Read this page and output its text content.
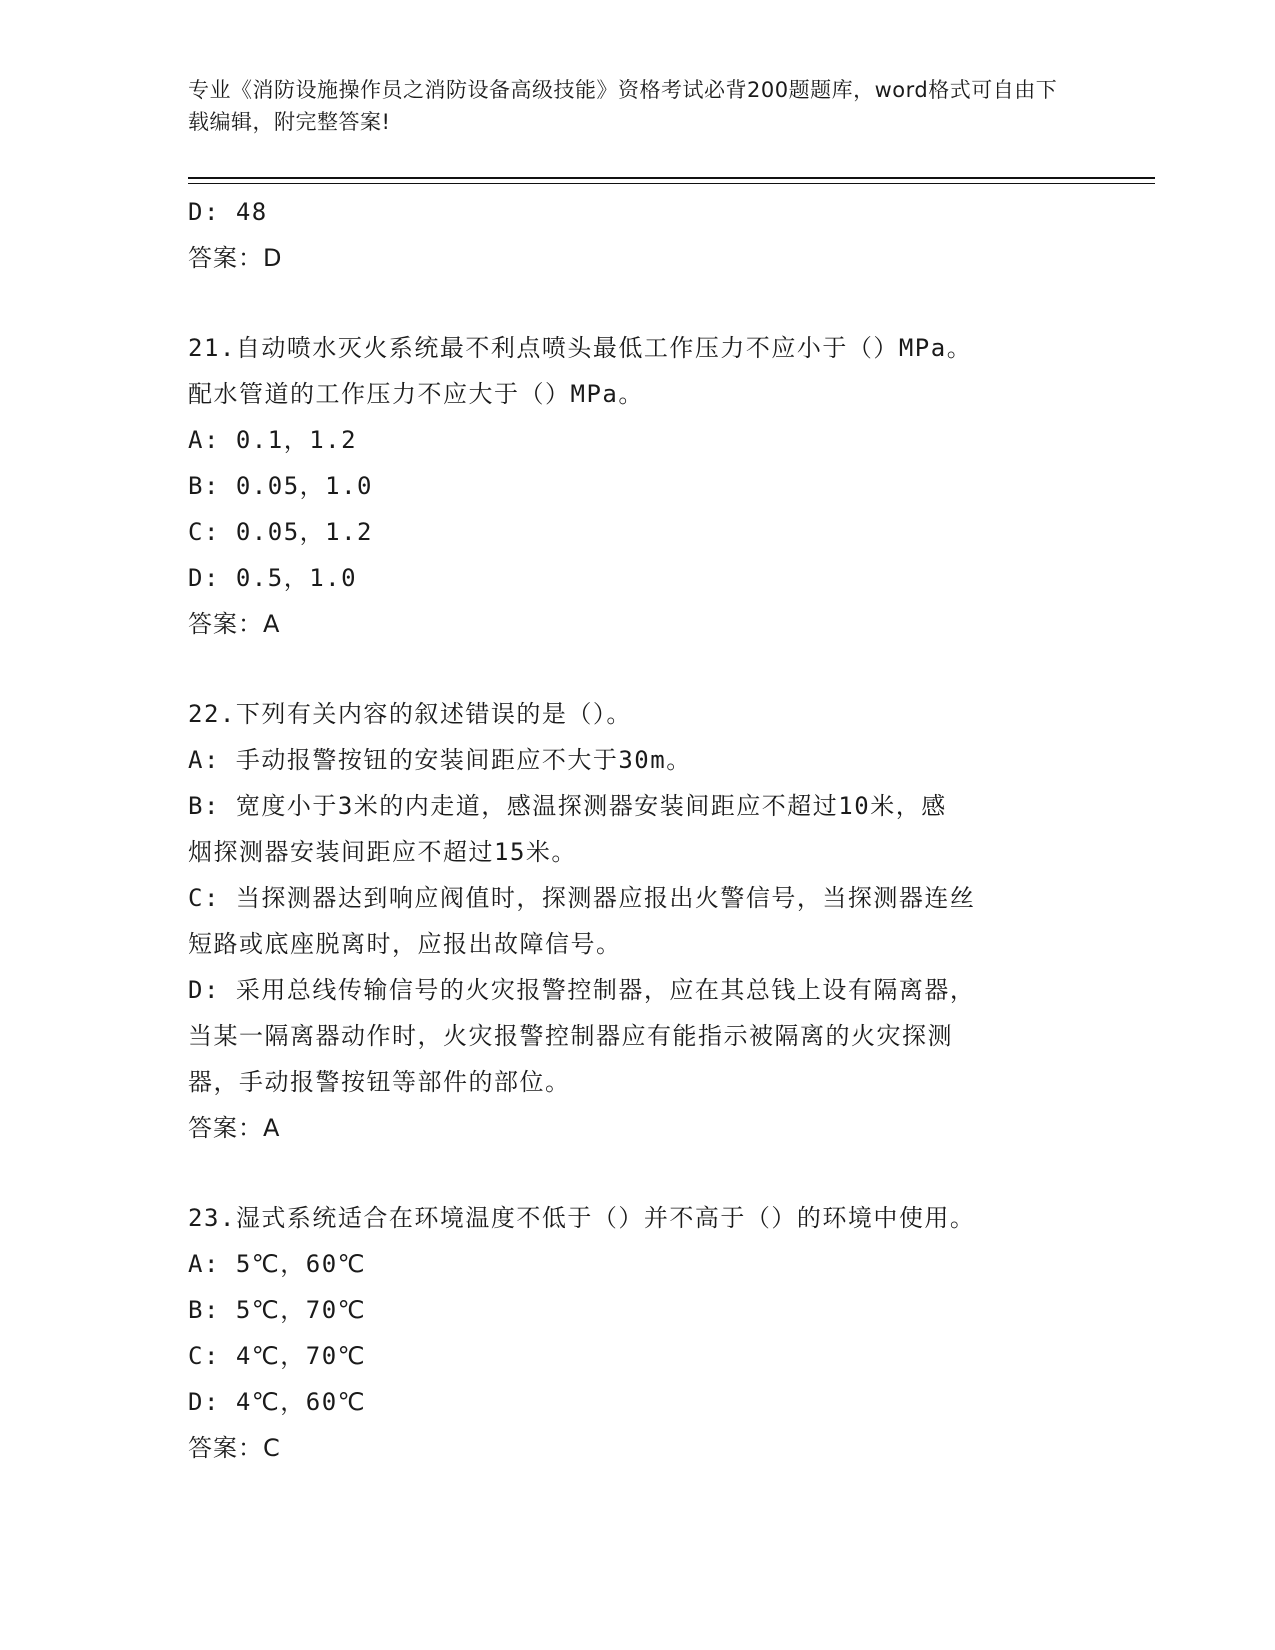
专业《消防设施操作员之消防设备高级技能》资格考试必背200题题库，word格式可自由下载编辑，附完整答案!
D: 48
答案：D
21.自动喷水灭火系统最不利点喷头最低工作压力不应小于（）MPa。
配水管道的工作压力不应大于（）MPa。
A: 0.1，1.2
B: 0.05，1.0
C: 0.05，1.2
D: 0.5，1.0
答案：A
22.下列有关内容的叙述错误的是（）。
A: 手动报警按钮的安装间距应不大于30m。
B: 宽度小于3米的内走道，感温探测器安装间距应不超过10米，感
烟探测器安装间距应不超过15米。
C: 当探测器达到响应阀值时，探测器应报出火警信号，当探测器连丝
短路或底座脱离时，应报出故障信号。
D: 采用总线传输信号的火灾报警控制器，应在其总钱上设有隔离器，
当某一隔离器动作时，火灾报警控制器应有能指示被隔离的火灾探测
器，手动报警按钮等部件的部位。
答案：A
23.湿式系统适合在环境温度不低于（）并不高于（）的环境中使用。
A: 5℃，60℃
B: 5℃，70℃
C: 4℃，70℃
D: 4℃，60℃
答案：C
